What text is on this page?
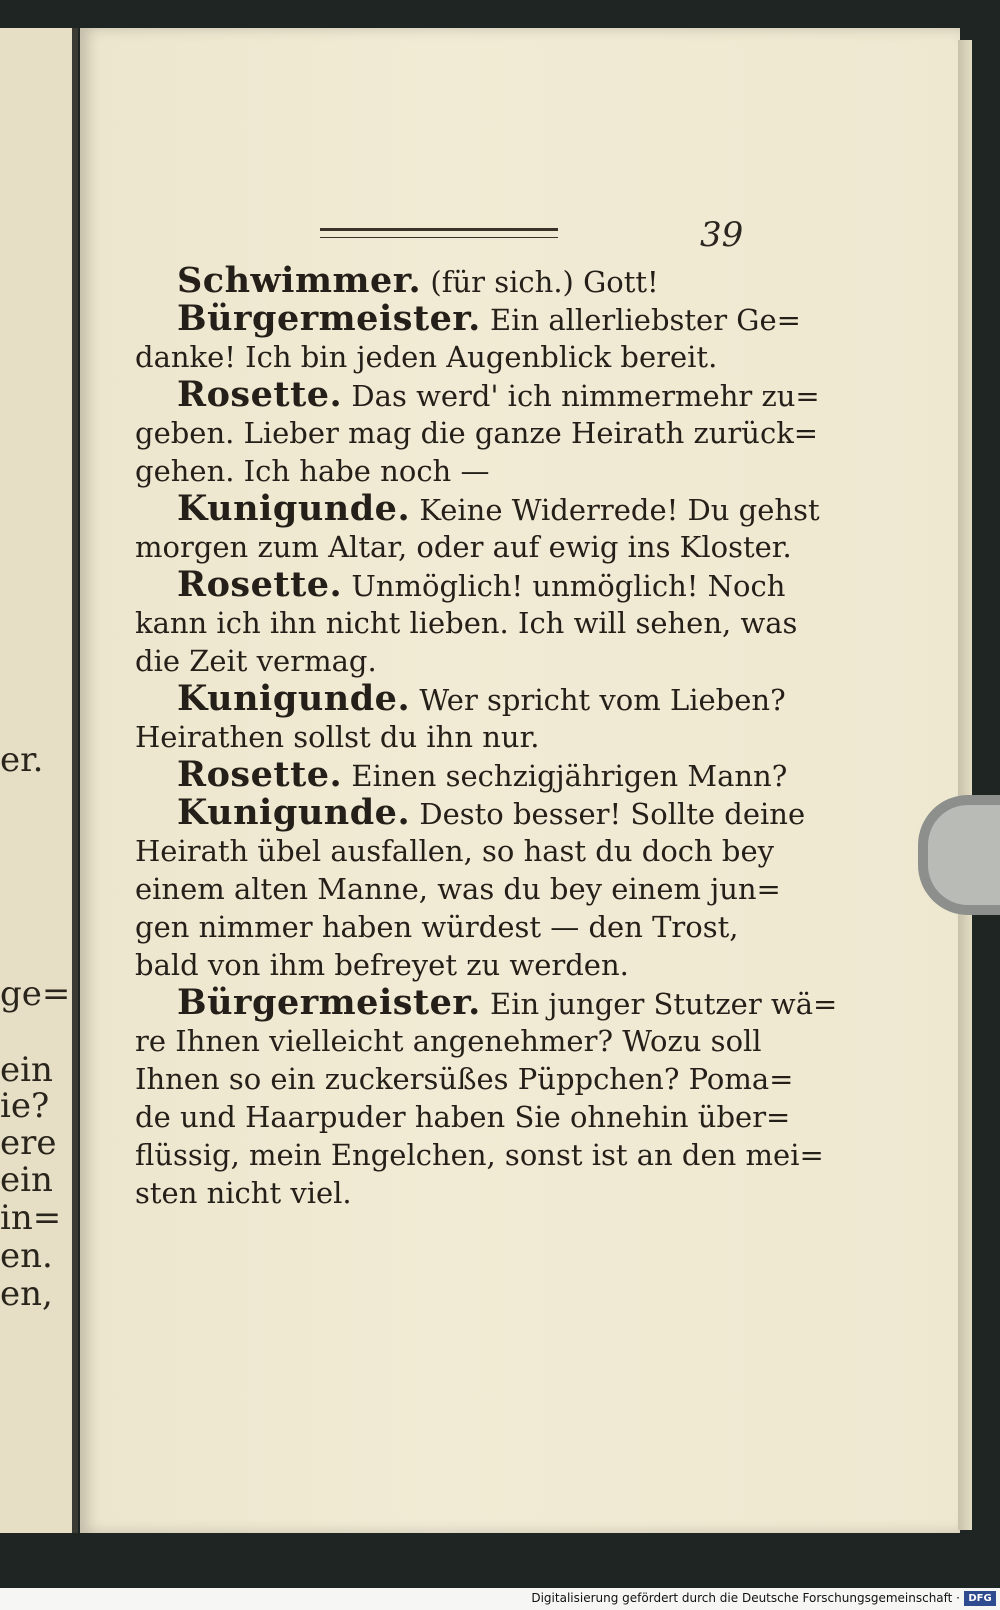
er.
ge=
ein
ie?
ere
ein
in=
en.
en,
39
Schwimmer. (für sich.) Gott!
Bürgermeister. Ein allerliebster Ge=
danke! Ich bin jeden Augenblick bereit.
Rosette. Das werd' ich nimmermehr zu=
geben. Lieber mag die ganze Heirath zurück=
gehen. Ich habe noch —
Kunigunde. Keine Widerrede! Du gehst
morgen zum Altar, oder auf ewig ins Kloster.
Rosette. Unmöglich! unmöglich! Noch
kann ich ihn nicht lieben. Ich will sehen, was
die Zeit vermag.
Kunigunde. Wer spricht vom Lieben?
Heirathen sollst du ihn nur.
Rosette. Einen sechzigjährigen Mann?
Kunigunde. Desto besser! Sollte deine
Heirath übel ausfallen, so hast du doch bey
einem alten Manne, was du bey einem jun=
gen nimmer haben würdest — den Trost,
bald von ihm befreyet zu werden.
Bürgermeister. Ein junger Stutzer wä=
re Ihnen vielleicht angenehmer? Wozu soll
Ihnen so ein zuckersüßes Püppchen? Poma=
de und Haarpuder haben Sie ohnehin über=
flüssig, mein Engelchen, sonst ist an den mei=
sten nicht viel.
Digitalisierung gefördert durch die Deutsche Forschungsgemeinschaft · DFG
